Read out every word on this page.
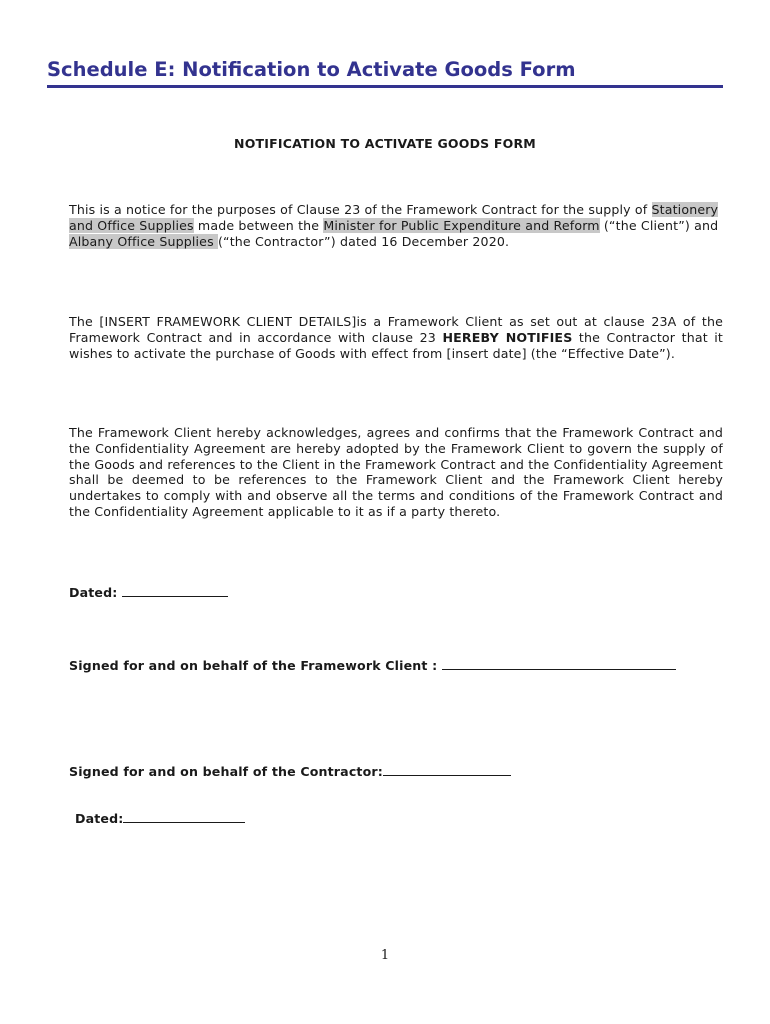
Schedule E: Notification to Activate Goods Form
NOTIFICATION TO ACTIVATE GOODS FORM
This is a notice for the purposes of Clause 23 of the Framework Contract for the supply of Stationery and Office Supplies made between the Minister for Public Expenditure and Reform (“the Client”) and Albany Office Supplies (“the Contractor”) dated 16 December 2020.
The [INSERT FRAMEWORK CLIENT DETAILS]is a Framework Client as set out at clause 23A of the Framework Contract and in accordance with clause 23 HEREBY NOTIFIES the Contractor that it wishes to activate the purchase of Goods with effect from [insert date] (the “Effective Date”).
The Framework Client hereby acknowledges, agrees and confirms that the Framework Contract and the Confidentiality Agreement are hereby adopted by the Framework Client to govern the supply of the Goods and references to the Client in the Framework Contract and the Confidentiality Agreement shall be deemed to be references to the Framework Client and the Framework Client hereby undertakes to comply with and observe all the terms and conditions of the Framework Contract and the Confidentiality Agreement applicable to it as if a party thereto.
Dated:
Signed for and on behalf of the Framework Client :
Signed for and on behalf of the Contractor:
Dated:
1
